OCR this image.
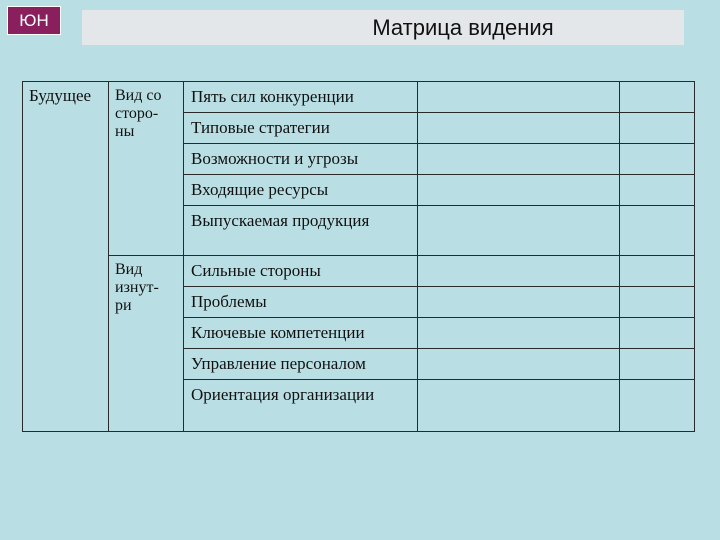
ЮН	Матрица видения
Будущее	Вид со
сторо-
ны	Пять сил конкуренции		
		Типовые стратегии		
		Возможности и угрозы		
		Входящие ресурсы		
		Выпускаемая продукция		

	Вид
изнут-
ри	Сильные стороны		
		Проблемы		
		Ключевые компетенции		
		Управление персоналом		
		Ориентация организации		
